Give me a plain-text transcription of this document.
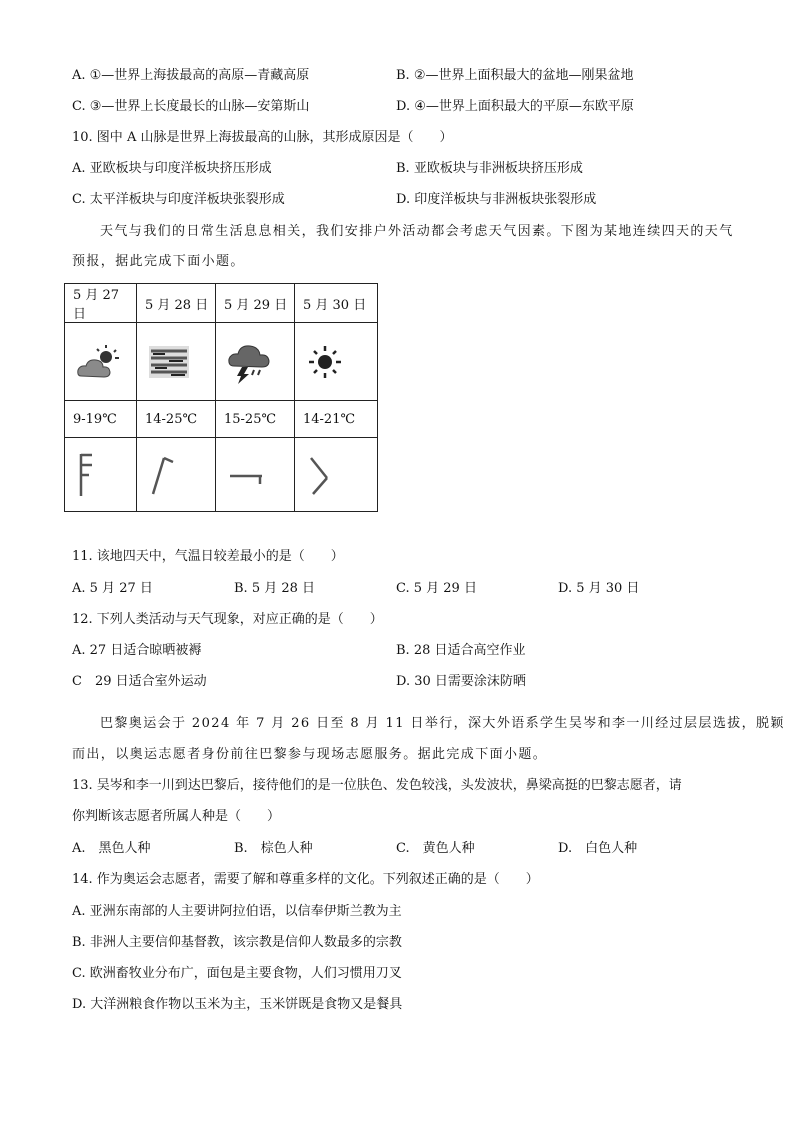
A. ①—世界上海拔最高的高原—青藏高原	B. ②—世界上面积最大的盆地—刚果盆地
C. ③—世界上长度最长的山脉—安第斯山	D. ④—世界上面积最大的平原—东欧平原
10. 图中 A 山脉是世界上海拔最高的山脉，其形成原因是（　　）
A. 亚欧板块与印度洋板块挤压形成	B. 亚欧板块与非洲板块挤压形成
C. 太平洋板块与印度洋板块张裂形成	D. 印度洋板块与非洲板块张裂形成
天气与我们的日常生活息息相关，我们安排户外活动都会考虑天气因素。下图为某地连续四天的天气
预报，据此完成下面小题。
5 月 27 日	5 月 28 日	5 月 29 日	5 月 30 日

9-19℃	14-25℃	15-25℃	14-21℃

11. 该地四天中，气温日较差最小的是（　　）
A. 5 月 27 日	B. 5 月 28 日	C. 5 月 29 日	D. 5 月 30 日
12. 下列人类活动与天气现象，对应正确的是（　　）
A. 27 日适合晾晒被褥	B. 28 日适合高空作业
C　29 日适合室外运动	D. 30 日需要涂沫防晒
巴黎奥运会于 2024 年 7 月 26 日至 8 月 11 日举行，深大外语系学生吴岑和李一川经过层层选拔，脱颖
而出，以奥运志愿者身份前往巴黎参与现场志愿服务。据此完成下面小题。
13. 吴岑和李一川到达巴黎后，接待他们的是一位肤色、发色较浅，头发波状，鼻梁高挺的巴黎志愿者，请
你判断该志愿者所属人种是（　　）
A.　黑色人种	B.　棕色人种	C.　黄色人种	D.　白色人种
14. 作为奥运会志愿者，需要了解和尊重多样的文化。下列叙述正确的是（　　）
A. 亚洲东南部的人主要讲阿拉伯语，以信奉伊斯兰教为主
B. 非洲人主要信仰基督教，该宗教是信仰人数最多的宗教
C. 欧洲畜牧业分布广，面包是主要食物，人们习惯用刀叉
D. 大洋洲粮食作物以玉米为主，玉米饼既是食物又是餐具
